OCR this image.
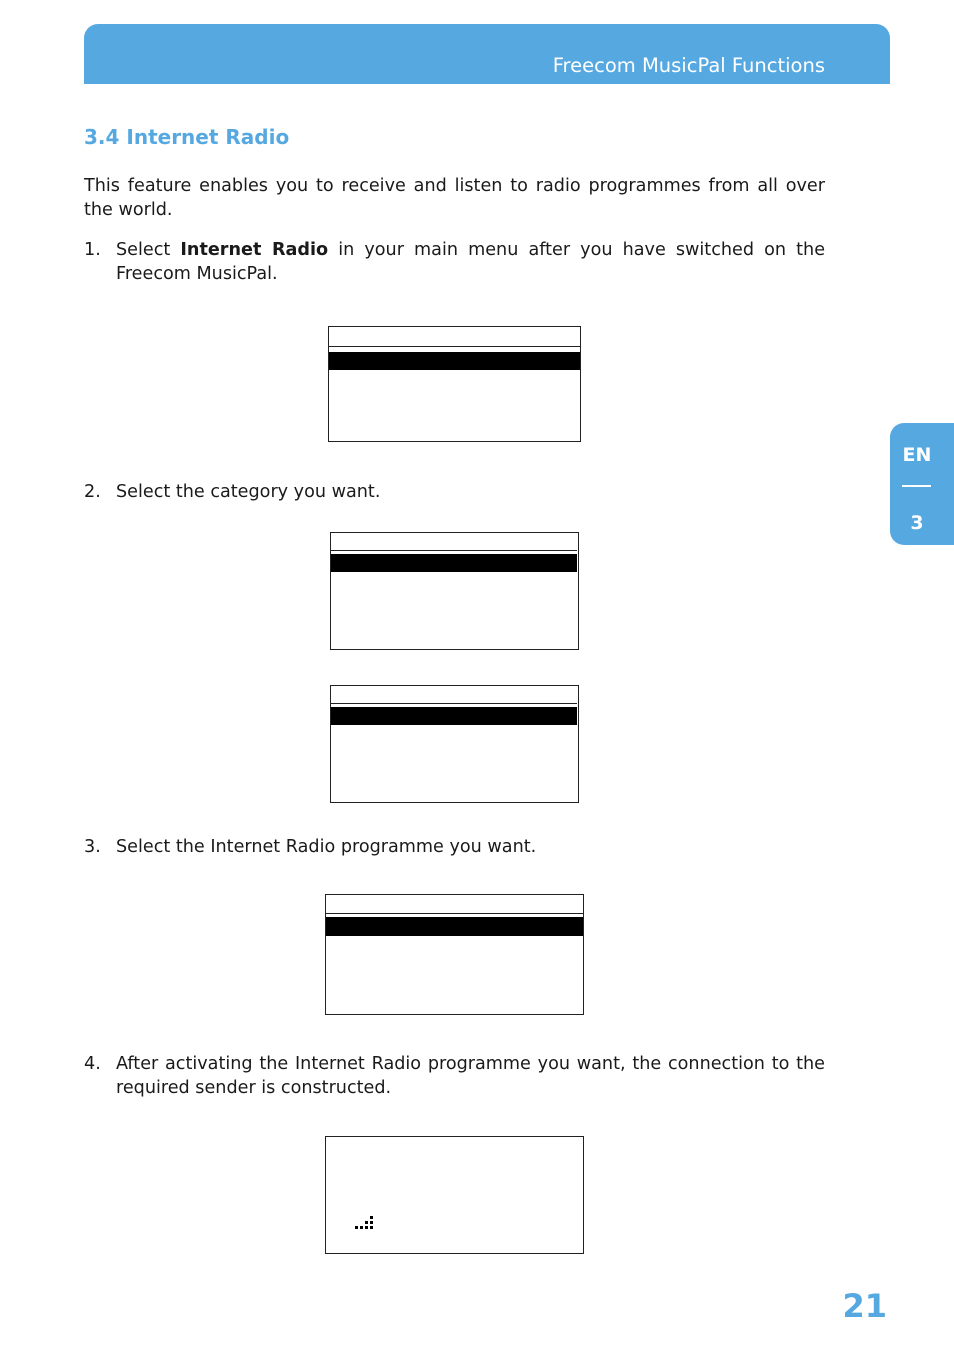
Freecom MusicPal Functions
3.4 Internet Radio

This feature enables you to receive and listen to radio programmes from all over the world.

1. Select Internet Radio in your main menu after you have switched on the Freecom MusicPal.
2. Select the category you want.
3. Select the Internet Radio programme you want.
4. After activating the Internet Radio programme you want, the connection to the required sender is constructed.
EN
3
21
